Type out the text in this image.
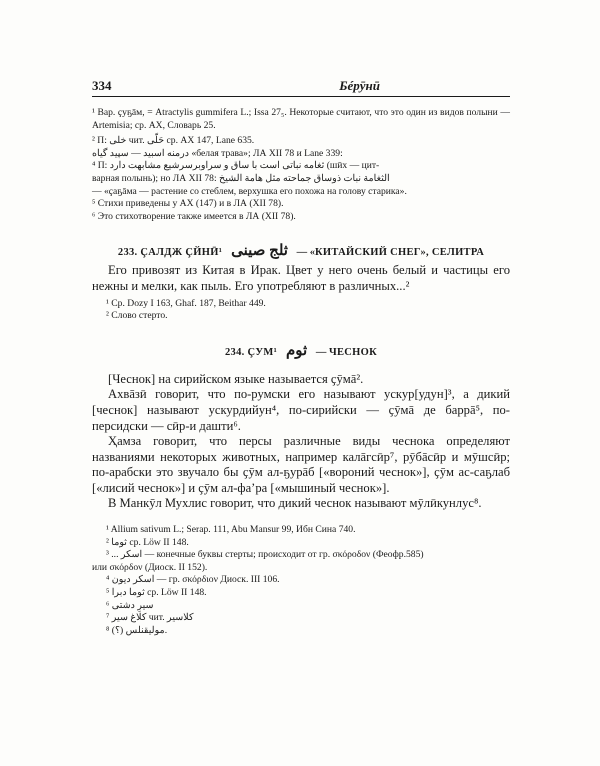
334	Бéрӯнӣ

¹ Вар. ҫуҕāм, = Atractylis gummifera L.; Issa 27₅. Некоторые считают, что это один из видов полыни — Artemisia; ср. АХ, Словарь 25.

² П: خلى чит. حَلّی ср. АХ 147, Lane 635.

درمنه اسبيد — سپيد گياه «белая трава»; ЛА XII 78 и Lane 339:

⁴ П: ثغامه نباتى است با ساق و سراوبرسرشيع مشابهت دارد (шӣх — цит-

варная полынь); но ЛА XII 78: الثغامة نبات ذوساق جماحته مثل هامة الشيخ

— «ҫаҕāма — растение со стеблем, верхушка его похожа на голову старика».

⁵ Стихи приведены у АХ (147) и в ЛА (XII 78).

⁶ Это стихотворение также имеется в ЛА (XII 78).

233. ҪАЛДЖ ҪЙНӢ¹ ثلج صينى — «КИТАЙСКИЙ СНЕГ», СЕЛИТРА

Его привозят из Китая в Ирак. Цвет у него очень белый и частицы его нежны и мелки, как пыль. Его употребляют в различных...²

¹ Ср. Dozy I 163, Ghaf. 187, Beithar 449.

² Слово стерто.

234. ҪУМ¹ ثوم — ЧЕСНОК

[Чеснок] на сирийском языке называется ҫӯмā².

Ахвāзӣ говорит, что по-румски его называют ускур[удун]³, а дикий [чеснок] называют ускурдийун⁴, по-сирийски — ҫӯмā де баррā⁵, по-персидски — сӣр-и дашти⁶.

Ҳамза говорит, что персы различные виды чеснока определяют названиями некоторых животных, например калāгсӣр⁷, рӯбāсӣр и мӯшсӣр; по-арабски это звучало бы ҫӯм ал-ҕурāб [«вороний чеснок»], ҫӯм ас-саҕлаб [«лисий чеснок»] и ҫӯм ал-фаʼра [«мышиный чеснок»].

В Манкӯл Мухлис говорит, что дикий чеснок называют мӯлӣкунлус⁸.

¹ Allium sativum L.; Serap. 111, Abu Mansur 99, Ибн Сина 740.

² ثوما ср. Löw II 148.

³ ... اسكر — конечные буквы стерты; происходит от гр. σκόροδον (Феофр.585)

или σκόρδον (Диоск. II 152).

⁴ اسكر ديون — гр. σκόρδιον Диоск. III 106.

⁵ ثوما دبرا ср. Löw II 148.

⁶ سيرِ دشتى

⁷ كلاغ سير чит. كلاسير

⁸ موليقنلس (؟).
